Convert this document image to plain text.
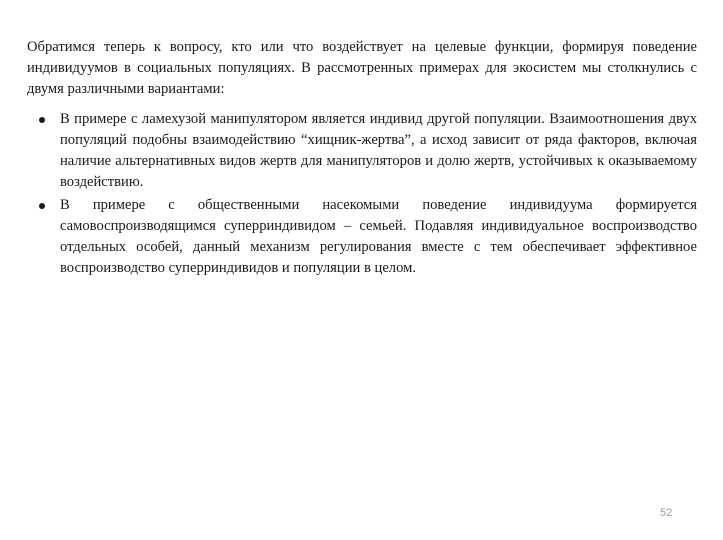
Обратимся теперь к вопросу, кто или что воздействует на целевые функции, формируя поведение индивидуумов в социальных популяциях. В рассмотренных примерах для экосистем мы столкнулись с двумя различными вариантами:

В примере с ламехузой манипулятором является индивид другой популяции. Взаимоотношения двух популяций подобны взаимодействию “хищник-жертва”, а исход зависит от ряда факторов, включая наличие альтернативных видов жертв для манипуляторов и долю жертв, устойчивых к оказываемому воздействию.
В примере с общественными насекомыми поведение индивидуума формируется самовоспроизводящимся суперриндивидом – семьей. Подавляя индивидуальное воспроизводство отдельных особей, данный механизм регулирования вместе с тем обеспечивает эффективное воспроизводство суперриндивидов и популяции в целом.
52
